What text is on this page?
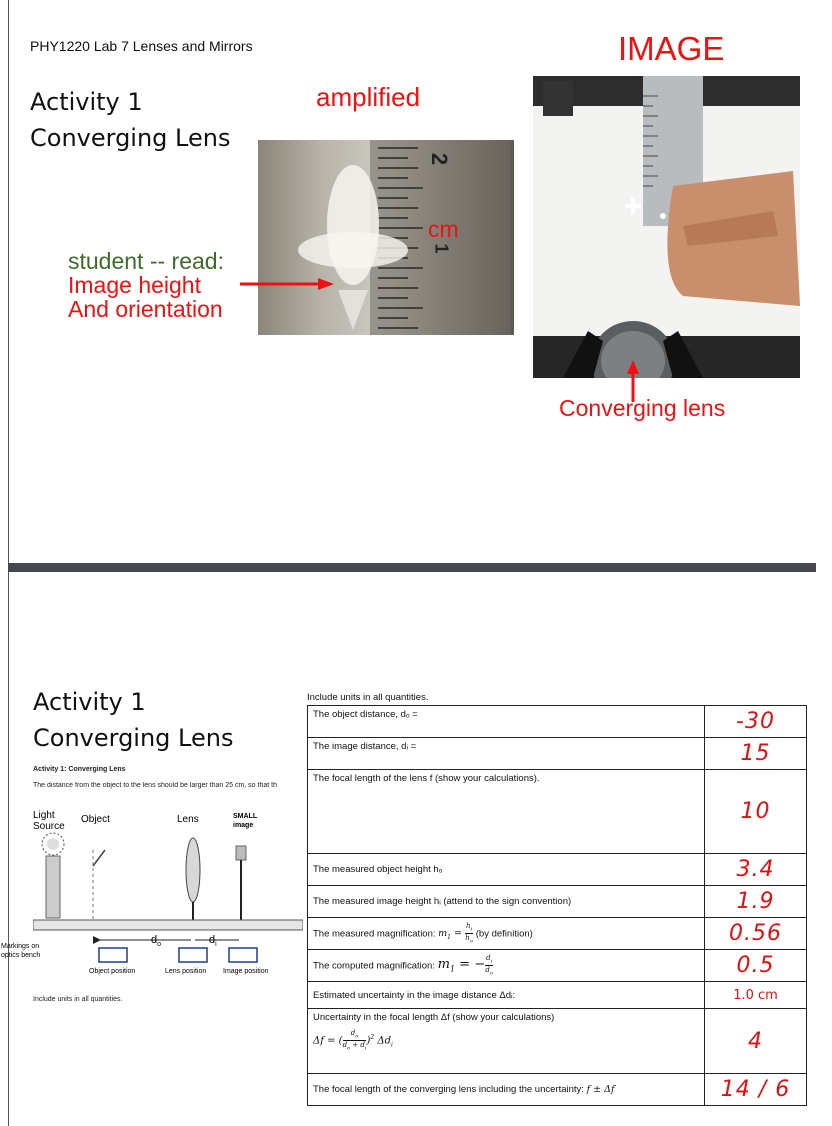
PHY1220 Lab 7 Lenses and Mirrors
Activity 1
Converging Lens
amplified
IMAGE
2
1
cm
student -- read:
Image height
And orientation
Converging lens
Activity 1
Converging Lens
Activity 1: Converging Lens
The distance from the object to the lens should be larger than 25 cm, so that th
Light
Source
Object	Lens	SMALL
image
$d_o$	$d_i$
Markings on
optics bench
Object position	Lens position Image position
Include units in all quantities.
Include units in all quantities.
The object distance, dₒ =	-30
The image distance, dᵢ =	15
The focal length of the lens f (show your calculations).	10
The measured object height hₒ	3.4
The measured image height hᵢ (attend to the sign convention)	1.9
The measured magnification: $m_1 = \frac{h_i}{h_o} (by$ definition)	0.56
The computed magnification: $m_1$ = − $\frac{d_i}{d_o}$	0.5
Estimated uncertainty in the image distance Δdᵢ:	1.0 cm

Uncertainty in the focal length Δf (show your calculations)
Δf = ( $\frac{d_o}{d_o + d_i} )^2$ $\Delta d_i$	4
The focal length of the converging lens including the uncertainty: f ± Δf	14 / 6
